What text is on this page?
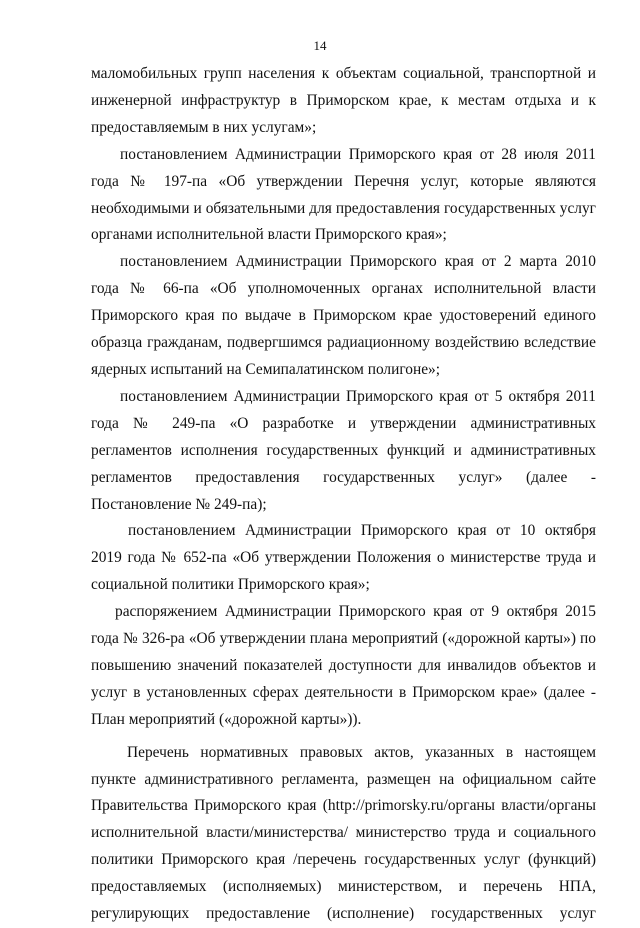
14

маломобильных групп населения к объектам социальной, транспортной и инженерной инфраструктур в Приморском крае, к местам отдыха и к предоставляемым в них услугам»;

постановлением Администрации Приморского края от 28 июля 2011 года № 197-па «Об утверждении Перечня услуг, которые являются необходимыми и обязательными для предоставления государственных услуг органами исполнительной власти Приморского края»;

постановлением Администрации Приморского края от 2 марта 2010 года № 66-па «Об уполномоченных органах исполнительной власти Приморского края по выдаче в Приморском крае удостоверений единого образца гражданам, подвергшимся радиационному воздействию вследствие ядерных испытаний на Семипалатинском полигоне»;

постановлением Администрации Приморского края от 5 октября 2011 года № 249-па «О разработке и утверждении административных регламентов исполнения государственных функций и административных регламентов предоставления государственных услуг» (далее - Постановление № 249-па);

постановлением Администрации Приморского края от 10 октября 2019 года № 652-па «Об утверждении Положения о министерстве труда и социальной политики Приморского края»;

распоряжением Администрации Приморского края от 9 октября 2015 года № 326-ра «Об утверждении плана мероприятий («дорожной карты») по повышению значений показателей доступности для инвалидов объектов и услуг в установленных сферах деятельности в Приморском крае» (далее - План мероприятий («дорожной карты»)).

Перечень нормативных правовых актов, указанных в настоящем пункте административного регламента, размещен на официальном сайте Правительства Приморского края (http://primorsky.ru/органы власти/органы исполнительной власти/министерства/ министерство труда и социального политики Приморского края /перечень государственных услуг (функций) предоставляемых (исполняемых) министерством, и перечень НПА, регулирующих предоставление (исполнение) государственных услуг
